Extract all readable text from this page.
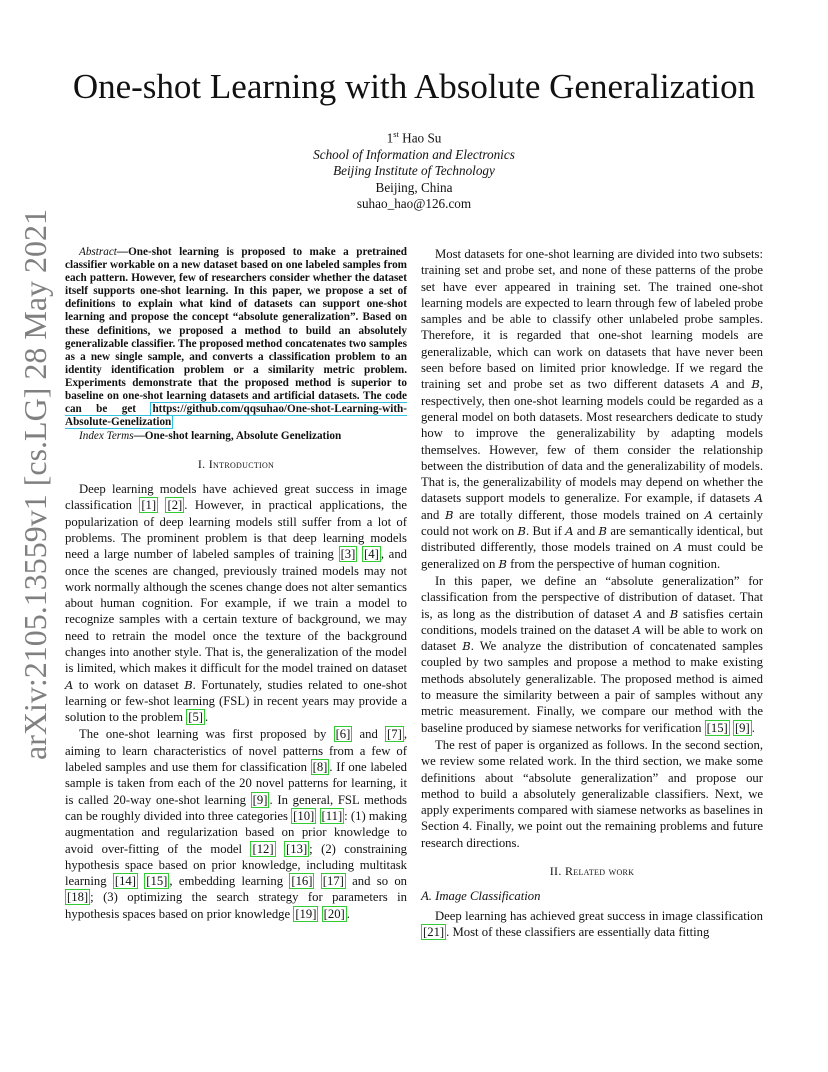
arXiv:2105.13559v1 [cs.LG] 28 May 2021
One-shot Learning with Absolute Generalization
1st Hao Su
School of Information and Electronics
Beijing Institute of Technology
Beijing, China
suhao_hao@126.com

Abstract—One-shot learning is proposed to make a pretrained classifier workable on a new dataset based on one labeled samples from each pattern. However, few of researchers consider whether the dataset itself supports one-shot learning. In this paper, we propose a set of definitions to explain what kind of datasets can support one-shot learning and propose the concept “absolute generalization”. Based on these definitions, we proposed a method to build an absolutely generalizable classifier. The proposed method concatenates two samples as a new single sample, and converts a classification problem to an identity identification problem or a similarity metric problem. Experiments demonstrate that the proposed method is superior to baseline on one-shot learning datasets and artificial datasets. The code can be get https://github.com/qqsuhao/One-shot-Learning-with-Absolute-Genelization

Index Terms—One-shot learning, Absolute Genelization

I. Introduction

Deep learning models have achieved great success in image classification [1] [2] . However, in practical applications, the popularization of deep learning models still suffer from a lot of problems. The prominent problem is that deep learning models need a large number of labeled samples of training [3] [4] , and once the scenes are changed, previously trained models may not work normally although the scenes change does not alter semantics about human cognition. For example, if we train a model to recognize samples with a certain texture of background, we may need to retrain the model once the texture of the background changes into another style. That is, the generalization of the model is limited, which makes it difficult for the model trained on dataset A to work on dataset B. Fortunately, studies related to one-shot learning or few-shot learning (FSL) in recent years may provide a solution to the problem [5] .

The one-shot learning was first proposed by [6] and [7] , aiming to learn characteristics of novel patterns from a few of labeled samples and use them for classification [8] . If one labeled sample is taken from each of the 20 novel patterns for learning, it is called 20-way one-shot learning [9] . In general, FSL methods can be roughly divided into three categories [10] [11] : (1) making augmentation and regularization based on prior knowledge to avoid over-fitting of the model [12] [13] ; (2) constraining hypothesis space based on prior knowledge, including multitask learning [14] [15] , embedding learning [16] [17] and so on [18] ; (3) optimizing the search strategy for parameters in hypothesis spaces based on prior knowledge [19] [20] .

Most datasets for one-shot learning are divided into two subsets: training set and probe set, and none of these patterns of the probe set have ever appeared in training set. The trained one-shot learning models are expected to learn through few of labeled probe samples and be able to classify other unlabeled probe samples. Therefore, it is regarded that one-shot learning models are generalizable, which can work on datasets that have never been seen before based on limited prior knowledge. If we regard the training set and probe set as two different datasets A and B, respectively, then one-shot learning models could be regarded as a general model on both datasets. Most researchers dedicate to study how to improve the generalizability by adapting models themselves. However, few of them consider the relationship between the distribution of data and the generalizability of models. That is, the generalizability of models may depend on whether the datasets support models to generalize. For example, if datasets A and B are totally different, those models trained on A certainly could not work on B. But if A and B are semantically identical, but distributed differently, those models trained on A must could be generalized on B from the perspective of human cognition.

In this paper, we define an “absolute generalization” for classification from the perspective of distribution of dataset. That is, as long as the distribution of dataset A and B satisfies certain conditions, models trained on the dataset A will be able to work on dataset B. We analyze the distribution of concatenated samples coupled by two samples and propose a method to make existing methods absolutely generalizable. The proposed method is aimed to measure the similarity between a pair of samples without any metric measurement. Finally, we compare our method with the baseline produced by siamese networks for verification [15] [9] .

The rest of paper is organized as follows. In the second section, we review some related work. In the third section, we make some definitions about “absolute generalization” and propose our method to build a absolutely generalizable classifiers. Next, we apply experiments compared with siamese networks as baselines in Section 4. Finally, we point out the remaining problems and future research directions.

II. Related work
A. Image Classification

Deep learning has achieved great success in image classification [21] . Most of these classifiers are essentially data fitting
